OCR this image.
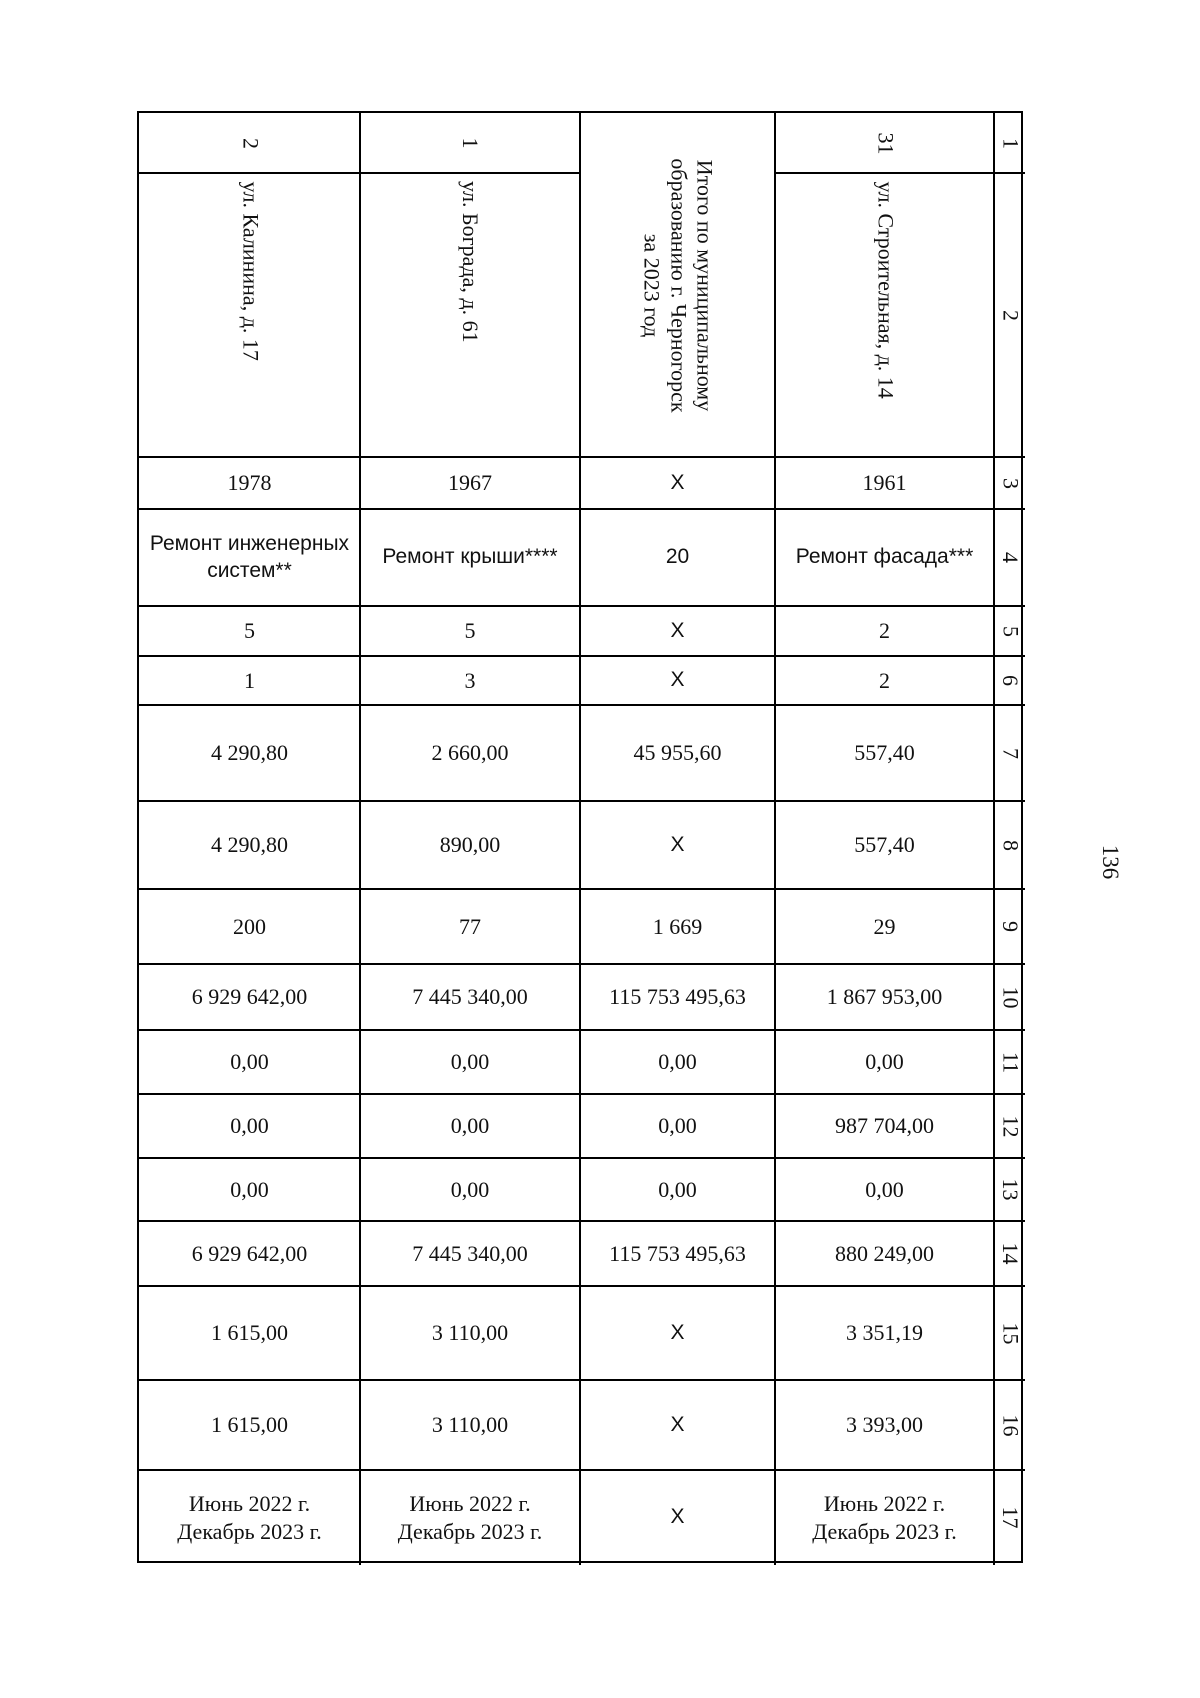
136
1
2
3
4
5
6
7
8
9
10
11
12
13
14
15
16
17
2
ул. Калинина, д. 17
1978
Ремонт инженерных
систем**
5
1
4 290,80
4 290,80
200
6 929 642,00
0,00
0,00
0,00
6 929 642,00
1 615,00
1 615,00
Июнь 2022 г.
Декабрь 2023 г.
1
ул. Бограда, д. 61
1967
Ремонт крыши****
5
3
2 660,00
890,00
77
7 445 340,00
0,00
0,00
0,00
7 445 340,00
3 110,00
3 110,00
Июнь 2022 г.
Декабрь 2023 г.
Итого по муниципальному
образованию г. Черногорск
за 2023 год
X
20
X
X
45 955,60
X
1 669
115 753 495,63
0,00
0,00
0,00
115 753 495,63
X
X
X
31
ул. Строительная, д. 14
1961
Ремонт фасада***
2
2
557,40
557,40
29
1 867 953,00
0,00
987 704,00
0,00
880 249,00
3 351,19
3 393,00
Июнь 2022 г.
Декабрь 2023 г.
